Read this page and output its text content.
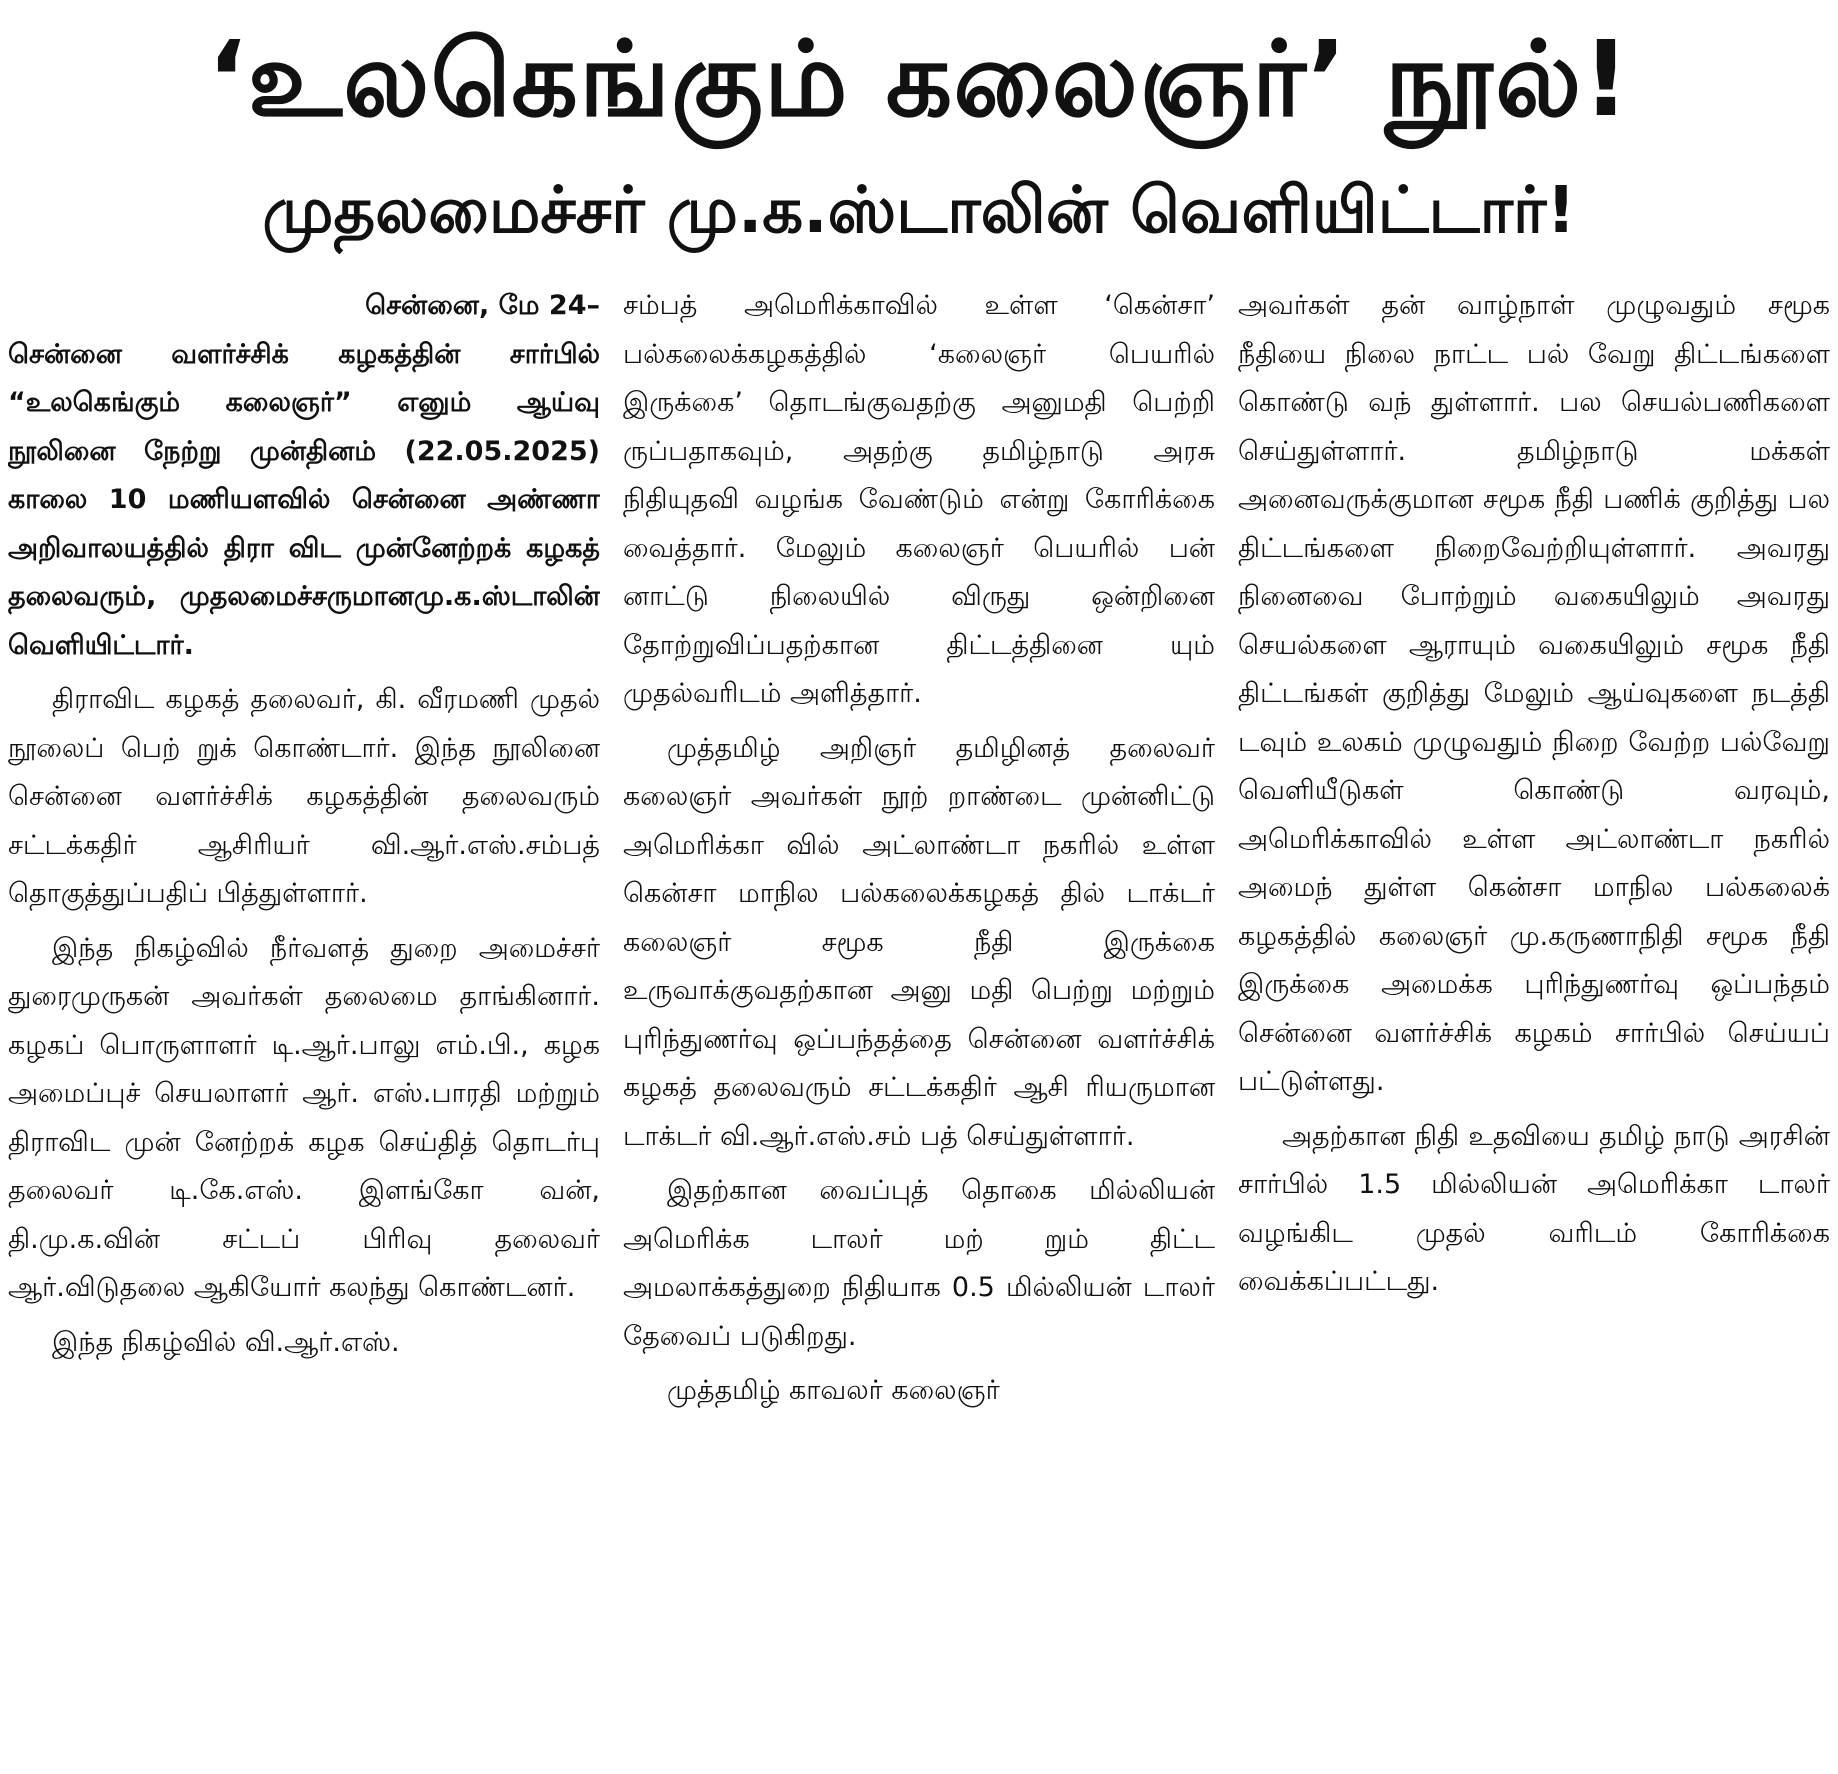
‘உலகெங்கும் கலைஞர்’ நூல்!
முதலமைச்சர் மு.க.ஸ்டாலின் வெளியிட்டார்!
சென்னை, மே 24–

சென்னை வளர்ச்சிக் கழகத்தின் சார்பில் “உலகெங்கும் கலைஞர்” எனும் ஆய்வு நூலினை நேற்று முன்தினம் (22.05.2025) காலை 10 மணியளவில் சென்னை அண்ணா அறிவாலயத்தில் திரா விட முன்னேற்றக் கழகத் தலைவரும், முதலமைச்சருமானமு.க.ஸ்டாலின் வெளியிட்டார்.

திராவிட கழகத் தலைவர், கி. வீரமணி முதல் நூலைப் பெற் றுக் கொண்டார். இந்த நூலினை சென்னை வளர்ச்சிக் கழகத்தின் தலைவரும் சட்டக்கதிர் ஆசிரியர் வி.ஆர்.எஸ்.சம்பத் தொகுத்துப்பதிப் பித்துள்ளார்.

இந்த நிகழ்வில் நீர்வளத் துறை அமைச்சர் துரைமுருகன் அவர்கள் தலைமை தாங்கினார். கழகப் பொருளாளர் டி.ஆர்.பாலு எம்.பி., கழக அமைப்புச் செயலாளர் ஆர். எஸ்.பாரதி மற்றும் திராவிட முன் னேற்றக் கழக செய்தித் தொடர்பு தலைவர் டி.கே.எஸ். இளங்கோ வன், தி.மு.க.வின் சட்டப் பிரிவு தலைவர் ஆர்.விடுதலை ஆகியோர் கலந்து கொண்டனர்.

இந்த நிகழ்வில் வி.ஆர்.எஸ்.

சம்பத் அமெரிக்காவில் உள்ள ‘கென்சா’ பல்கலைக்கழகத்தில் ‘கலைஞர் பெயரில் இருக்கை’ தொடங்குவதற்கு அனுமதி பெற்றி ருப்பதாகவும், அதற்கு தமிழ்நாடு அரசு நிதியுதவி வழங்க வேண்டும் என்று கோரிக்கை வைத்தார். மேலும் கலைஞர் பெயரில் பன் னாட்டு நிலையில் விருது ஒன்றினை தோற்றுவிப்பதற்கான திட்டத்தினை யும் முதல்வரிடம் அளித்தார்.

முத்தமிழ் அறிஞர் தமிழினத் தலைவர் கலைஞர் அவர்கள் நூற் றாண்டை முன்னிட்டு அமெரிக்கா வில் அட்லாண்டா நகரில் உள்ள கென்சா மாநில பல்கலைக்கழகத் தில் டாக்டர் கலைஞர் சமூக நீதி இருக்கை உருவாக்குவதற்கான அனு மதி பெற்று மற்றும் புரிந்துணர்வு ஒப்பந்தத்தை சென்னை வளர்ச்சிக் கழகத் தலைவரும் சட்டக்கதிர் ஆசி ரியருமான டாக்டர் வி.ஆர்.எஸ்.சம் பத் செய்துள்ளார்.

இதற்கான வைப்புத் தொகை மில்லியன் அமெரிக்க டாலர் மற் றும் திட்ட அமலாக்கத்துறை நிதியாக 0.5 மில்லியன் டாலர் தேவைப் படுகிறது.

முத்தமிழ் காவலர் கலைஞர்

அவர்கள் தன் வாழ்நாள் முழுவதும் சமூக நீதியை நிலை நாட்ட பல் வேறு திட்டங்களை கொண்டு வந் துள்ளார். பல செயல்பணிகளை செய்துள்ளார். தமிழ்நாடு மக்கள் அனைவருக்குமான சமூக நீதி பணிக் குறித்து பல திட்டங்களை நிறைவேற்றியுள்ளார். அவரது நினைவை போற்றும் வகையிலும் அவரது செயல்களை ஆராயும் வகையிலும் சமூக நீதி திட்டங்கள் குறித்து மேலும் ஆய்வுகளை நடத்தி டவும் உலகம் முழுவதும் நிறை வேற்ற பல்வேறு வெளியீடுகள் கொண்டு வரவும், அமெரிக்காவில் உள்ள அட்லாண்டா நகரில் அமைந் துள்ள கென்சா மாநில பல்கலைக் கழகத்தில் கலைஞர் மு.கருணாநிதி சமூக நீதி இருக்கை அமைக்க புரிந்துணர்வு ஒப்பந்தம் சென்னை வளர்ச்சிக் கழகம் சார்பில் செய்யப் பட்டுள்ளது.

அதற்கான நிதி உதவியை தமிழ் நாடு அரசின் சார்பில் 1.5 மில்லியன் அமெரிக்கா டாலர் வழங்கிட முதல் வரிடம் கோரிக்கை வைக்கப்பட்டது.
